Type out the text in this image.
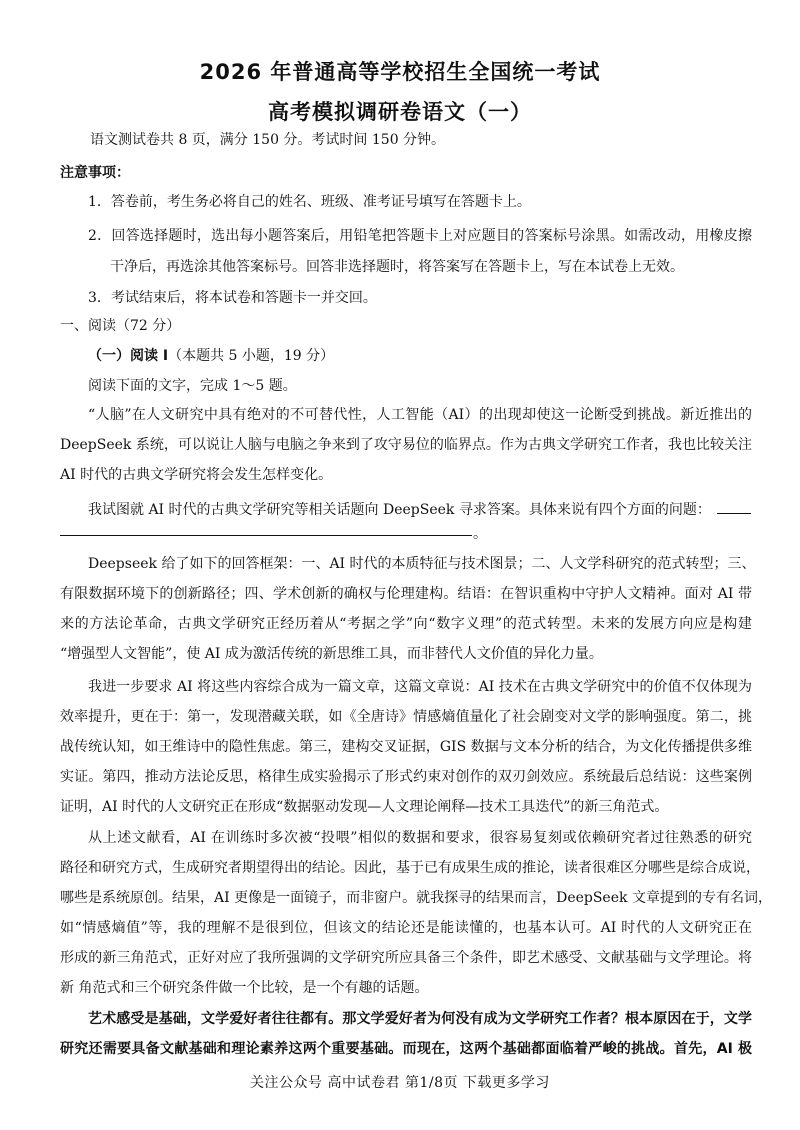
2026 年普通高等学校招生全国统一考试
高考模拟调研卷语文（一）
语文测试卷共 8 页，满分 150 分。考试时间 150 分钟。
注意事项：
1．答卷前，考生务必将自己的姓名、班级、准考证号填写在答题卡上。
2．回答选择题时，选出每小题答案后，用铅笔把答题卡上对应题目的答案标号涂黑。如需改动，用橡皮擦
干净后，再选涂其他答案标号。回答非选择题时，将答案写在答题卡上，写在本试卷上无效。
3．考试结束后，将本试卷和答题卡一并交回。
一、阅读（72 分）
（一）阅读 I（本题共 5 小题，19 分）
阅读下面的文字，完成 1～5 题。
“人脑”在人文研究中具有绝对的不可替代性，人工智能（AI）的出现却使这一论断受到挑战。新近推出的
DeepSeek 系统，可以说让人脑与电脑之争来到了攻守易位的临界点。作为古典文学研究工作者，我也比较关注
AI 时代的古典文学研究将会发生怎样变化。
我试图就 AI 时代的古典文学研究等相关话题向 DeepSeek 寻求答案。具体来说有四个方面的问题：
。
Deepseek 给了如下的回答框架：一、AI 时代的本质特征与技术图景；二、人文学科研究的范式转型；三、
有限数据环境下的创新路径；四、学术创新的确权与伦理建构。结语：在智识重构中守护人文精神。面对 AI 带
来的方法论革命，古典文学研究正经历着从“考据之学”向“数字义理”的范式转型。未来的发展方向应是构建
“增强型人文智能”，使 AI 成为激活传统的新思维工具，而非替代人文价值的异化力量。
我进一步要求 AI 将这些内容综合成为一篇文章，这篇文章说：AI 技术在古典文学研究中的价值不仅体现为
效率提升，更在于：第一，发现潜藏关联，如《全唐诗》情感熵值量化了社会剧变对文学的影响强度。第二，挑
战传统认知，如王维诗中的隐性焦虑。第三，建构交叉证据，GIS 数据与文本分析的结合，为文化传播提供多维
实证。第四，推动方法论反思，格律生成实验揭示了形式约束对创作的双刃剑效应。系统最后总结说：这些案例
证明，AI 时代的人文研究正在形成“数据驱动发现—人文理论阐释—技术工具迭代”的新三角范式。
从上述文献看，AI 在训练时多次被“投喂”相似的数据和要求，很容易复刻或依赖研究者过往熟悉的研究
路径和研究方式，生成研究者期望得出的结论。因此，基于已有成果生成的推论，读者很难区分哪些是综合成说，
哪些是系统原创。结果，AI 更像是一面镜子，而非窗户。就我探寻的结果而言，DeepSeek 文章提到的专有名词，
如“情感熵值”等，我的理解不是很到位，但该文的结论还是能读懂的，也基本认可。AI 时代的人文研究正在
形成的新三角范式，正好对应了我所强调的文学研究所应具备三个条件，即艺术感受、文献基础与文学理论。将
新 角范式和三个研究条件做一个比较，是一个有趣的话题。
艺术感受是基础，文学爱好者往往都有。那文学爱好者为何没有成为文学研究工作者？根本原因在于，文学
研究还需要具备文献基础和理论素养这两个重要基础。而现在，这两个基础都面临着严峻的挑战。首先，AI 极
关注公众号 高中试卷君 第1/8页 下载更多学习
